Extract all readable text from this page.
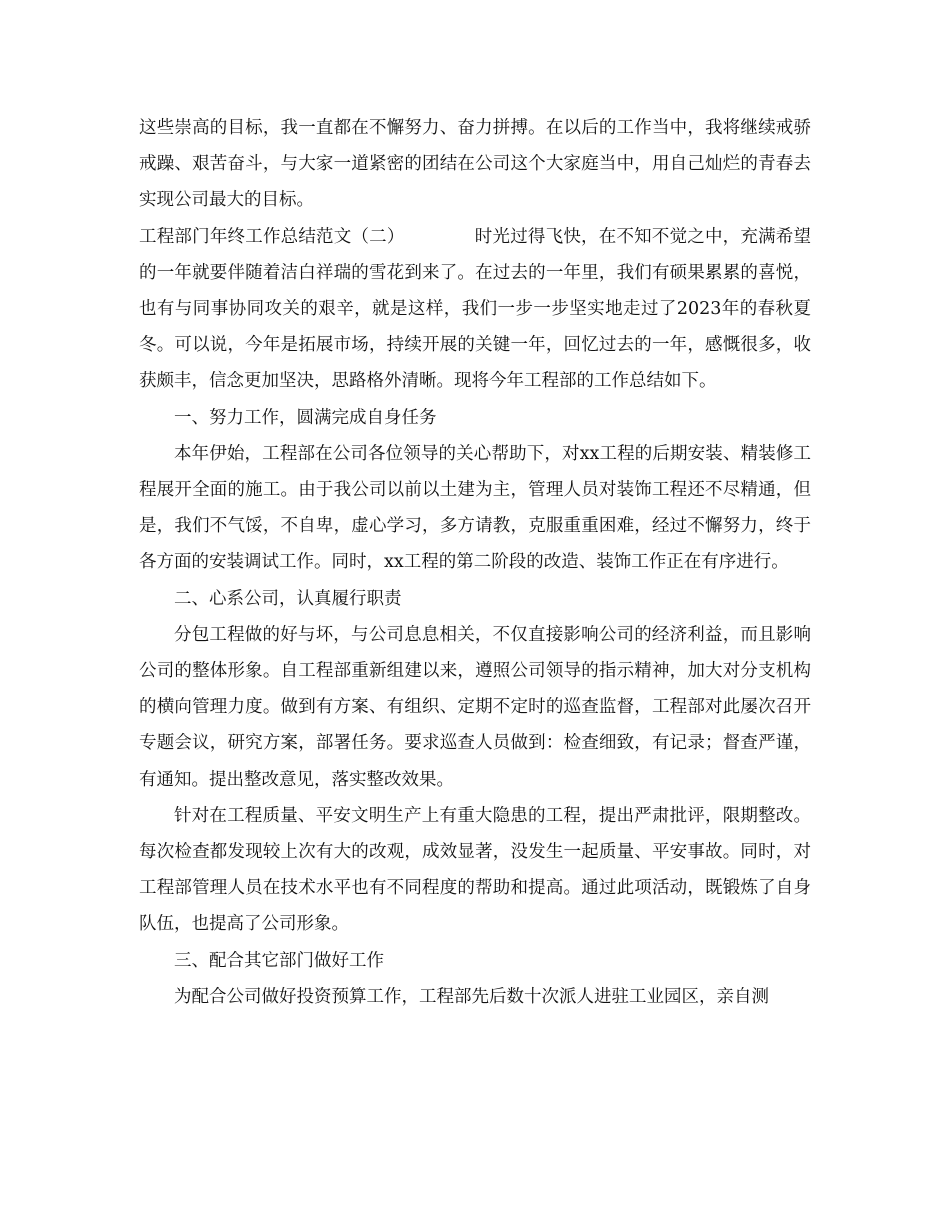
这些崇高的目标，我一直都在不懈努力、奋力拼搏。在以后的工作当中，我将继续戒骄戒躁、艰苦奋斗，与大家一道紧密的团结在公司这个大家庭当中，用自己灿烂的青春去实现公司最大的目标。

工程部门年终工作总结范文（二）	时光过得飞快，在不知不觉之中，充满希望的一年就要伴随着洁白祥瑞的雪花到来了。在过去的一年里，我们有硕果累累的喜悦，也有与同事协同攻关的艰辛，就是这样，我们一步一步坚实地走过了2023年的春秋夏冬。可以说，今年是拓展市场，持续开展的关键一年，回忆过去的一年，感慨很多，收获颇丰，信念更加坚决，思路格外清晰。现将今年工程部的工作总结如下。

一、努力工作，圆满完成自身任务

本年伊始，工程部在公司各位领导的关心帮助下，对xx工程的后期安装、精装修工程展开全面的施工。由于我公司以前以土建为主，管理人员对装饰工程还不尽精通，但是，我们不气馁，不自卑，虚心学习，多方请教，克服重重困难，经过不懈努力，终于各方面的安装调试工作。同时，xx工程的第二阶段的改造、装饰工作正在有序进行。

二、心系公司，认真履行职责

分包工程做的好与坏，与公司息息相关，不仅直接影响公司的经济利益，而且影响公司的整体形象。自工程部重新组建以来，遵照公司领导的指示精神，加大对分支机构的横向管理力度。做到有方案、有组织、定期不定时的巡查监督，工程部对此屡次召开专题会议，研究方案，部署任务。要求巡查人员做到：检查细致，有记录；督查严谨，有通知。提出整改意见，落实整改效果。

针对在工程质量、平安文明生产上有重大隐患的工程，提出严肃批评，限期整改。每次检查都发现较上次有大的改观，成效显著，没发生一起质量、平安事故。同时，对工程部管理人员在技术水平也有不同程度的帮助和提高。通过此项活动，既锻炼了自身队伍，也提高了公司形象。

三、配合其它部门做好工作

为配合公司做好投资预算工作，工程部先后数十次派人进驻工业园区，亲自测
